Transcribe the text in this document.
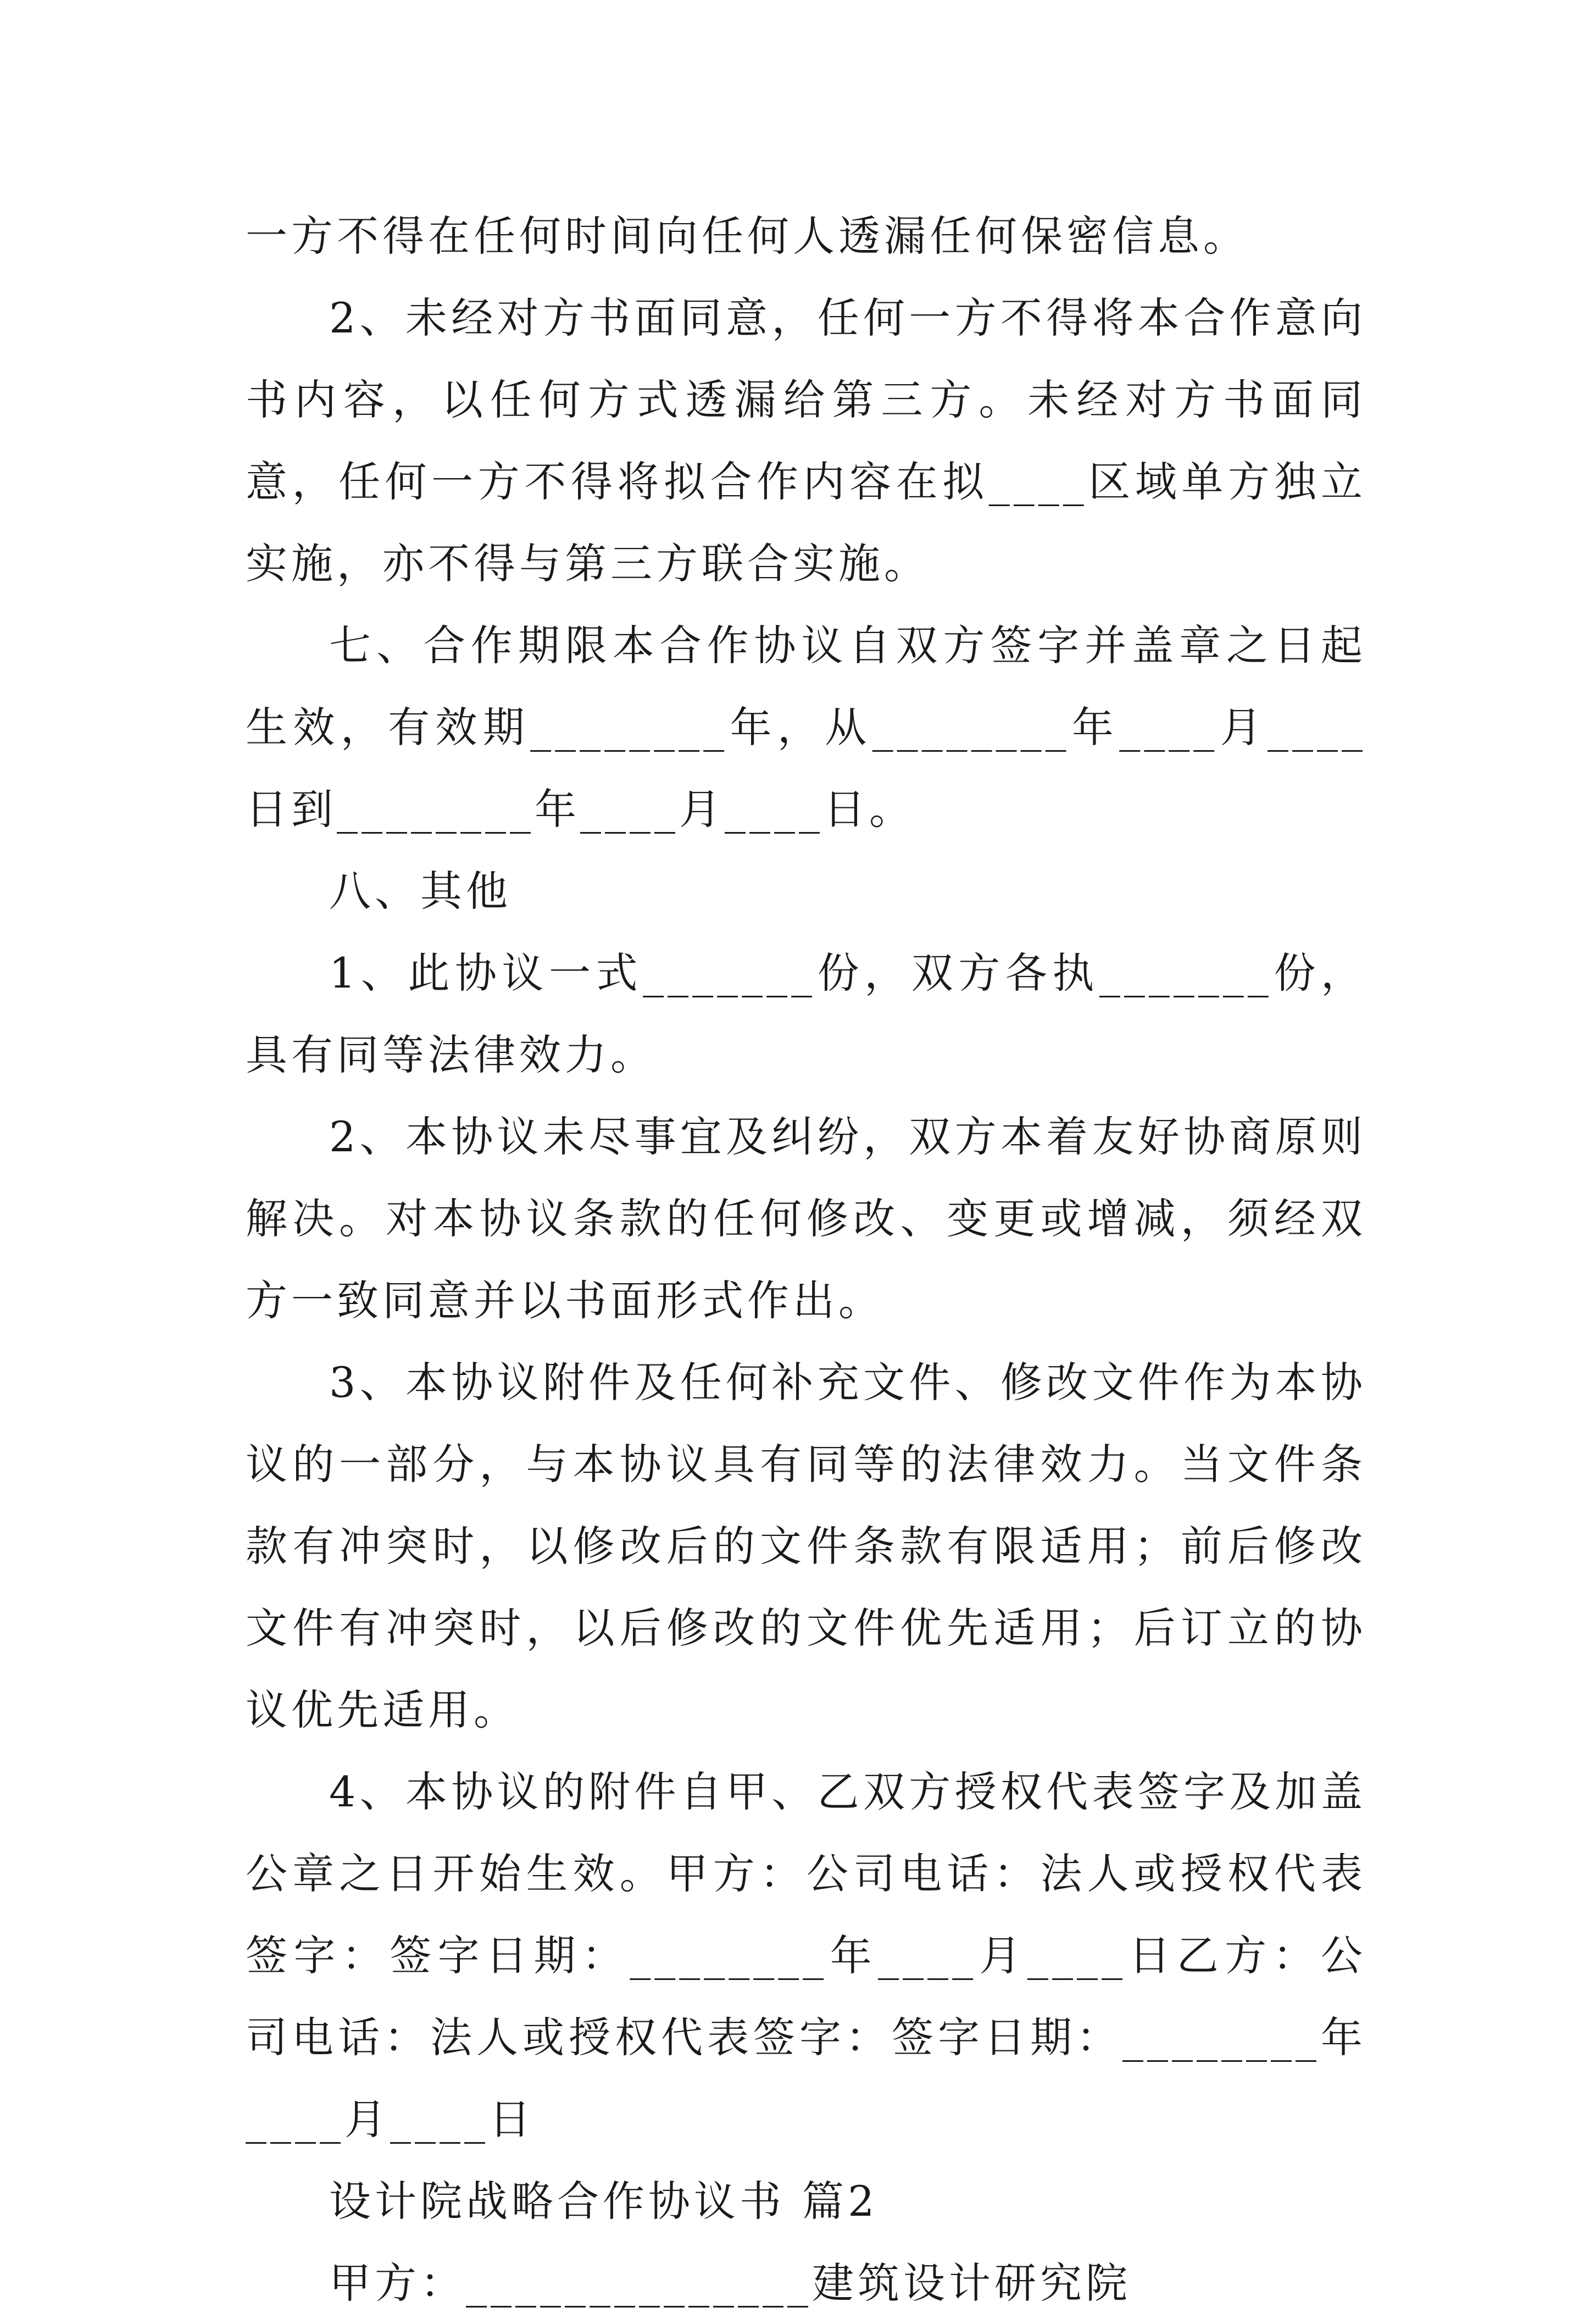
一方不得在任何时间向任何人透漏任何保密信息。

2、未经对方书面同意，任何一方不得将本合作意向书内容，以任何方式透漏给第三方。未经对方书面同意，任何一方不得将拟合作内容在拟____区域单方独立实施，亦不得与第三方联合实施。

七、合作期限本合作协议自双方签字并盖章之日起生效，有效期________年，从________年____月____日到________年____月____日。

八、其他

1、此协议一式_______份，双方各执_______份，具有同等法律效力。

2、本协议未尽事宜及纠纷，双方本着友好协商原则解决。对本协议条款的任何修改、变更或增减，须经双方一致同意并以书面形式作出。

3、本协议附件及任何补充文件、修改文件作为本协议的一部分，与本协议具有同等的法律效力。当文件条款有冲突时，以修改后的文件条款有限适用；前后修改文件有冲突时，以后修改的文件优先适用；后订立的协议优先适用。

4、本协议的附件自甲、乙双方授权代表签字及加盖公章之日开始生效。甲方：公司电话：法人或授权代表签字：签字日期：________年____月____日乙方：公司电话：法人或授权代表签字：签字日期：________年____月____日

设计院战略合作协议书 篇2

甲方：______________建筑设计研究院
